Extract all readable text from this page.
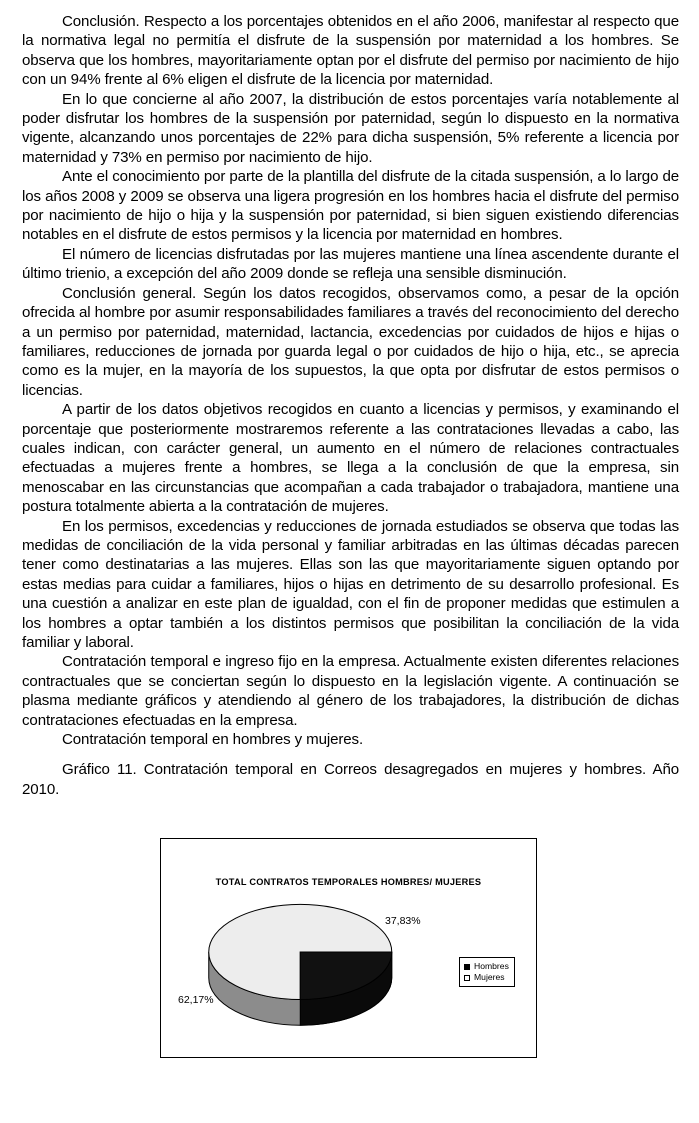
Conclusión. Respecto a los porcentajes obtenidos en el año 2006, manifestar al respecto que la normativa legal no permitía el disfrute de la suspensión por maternidad a los hombres. Se observa que los hombres, mayoritariamente optan por el disfrute del permiso por nacimiento de hijo con un 94% frente al 6% eligen el disfrute de la licencia por maternidad.

En lo que concierne al año 2007, la distribución de estos porcentajes varía notablemente al poder disfrutar los hombres de la suspensión por paternidad, según lo dispuesto en la normativa vigente, alcanzando unos porcentajes de 22% para dicha suspensión, 5% referente a licencia por maternidad y 73% en permiso por nacimiento de hijo.

Ante el conocimiento por parte de la plantilla del disfrute de la citada suspensión, a lo largo de los años 2008 y 2009 se observa una ligera progresión en los hombres hacia el disfrute del permiso por nacimiento de hijo o hija y la suspensión por paternidad, si bien siguen existiendo diferencias notables en el disfrute de estos permisos y la licencia por maternidad en hombres.

El número de licencias disfrutadas por las mujeres mantiene una línea ascendente durante el último trienio, a excepción del año 2009 donde se refleja una sensible disminución.

Conclusión general. Según los datos recogidos, observamos como, a pesar de la opción ofrecida al hombre por asumir responsabilidades familiares a través del reconocimiento del derecho a un permiso por paternidad, maternidad, lactancia, excedencias por cuidados de hijos e hijas o familiares, reducciones de jornada por guarda legal o por cuidados de hijo o hija, etc., se aprecia como es la mujer, en la mayoría de los supuestos, la que opta por disfrutar de estos permisos o licencias.

A partir de los datos objetivos recogidos en cuanto a licencias y permisos, y examinando el porcentaje que posteriormente mostraremos referente a las contrataciones llevadas a cabo, las cuales indican, con carácter general, un aumento en el número de relaciones contractuales efectuadas a mujeres frente a hombres, se llega a la conclusión de que la empresa, sin menoscabar en las circunstancias que acompañan a cada trabajador o trabajadora, mantiene una postura totalmente abierta a la contratación de mujeres.

En los permisos, excedencias y reducciones de jornada estudiados se observa que todas las medidas de conciliación de la vida personal y familiar arbitradas en las últimas décadas parecen tener como destinatarias a las mujeres. Ellas son las que mayoritariamente siguen optando por estas medias para cuidar a familiares, hijos o hijas en detrimento de su desarrollo profesional. Es una cuestión a analizar en este plan de igualdad, con el fin de proponer medidas que estimulen a los hombres a optar también a los distintos permisos que posibilitan la conciliación de la vida familiar y laboral.

Contratación temporal e ingreso fijo en la empresa. Actualmente existen diferentes relaciones contractuales que se conciertan según lo dispuesto en la legislación vigente. A continuación se plasma mediante gráficos y atendiendo al género de los trabajadores, la distribución de dichas contrataciones efectuadas en la empresa.

Contratación temporal en hombres y mujeres.

Gráfico 11. Contratación temporal en Correos desagregados en mujeres y hombres. Año 2010.

TOTAL CONTRATOS TEMPORALES HOMBRES/ MUJERES
37,83%
62,17%
Hombres
Mujeres
